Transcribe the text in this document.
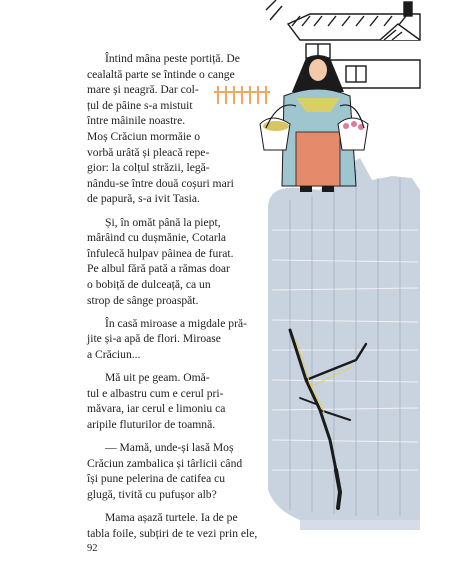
Întind mâna peste portiță. De
cealaltă parte se întinde o cange
mare și neagră. Dar col-
țul de pâine s-a mistuit
între mâinile noastre.
Moș Crăciun mormăie o
vorbă urâtă și pleacă repe-
gior: la colțul străzii, legă-
nându-se între două coșuri mari
de papură, s-a ivit Tasia.
Și, în omăt până la piept,
mârâind cu dușmănie, Cotarla
înfulecă hulpav pâinea de furat.
Pe albul fără pată a rămas doar
o bobiță de dulceață, ca un
strop de sânge proaspăt.
În casă miroase a migdale pră-
jite și-a apă de flori. Miroase
a Crăciun...
Mă uit pe geam. Omă-
tul e albastru cum e cerul pri-
măvara, iar cerul e limoniu ca
aripile fluturilor de toamnă.
— Mamă, unde-și lasă Moș
Crăciun zambalica și târlicii când
își pune pelerina de catifea cu
glugă, tivită cu pufușor alb?
Mama așază turtele. Ia de pe
tabla foile, subțiri de te vezi prin ele,
92
